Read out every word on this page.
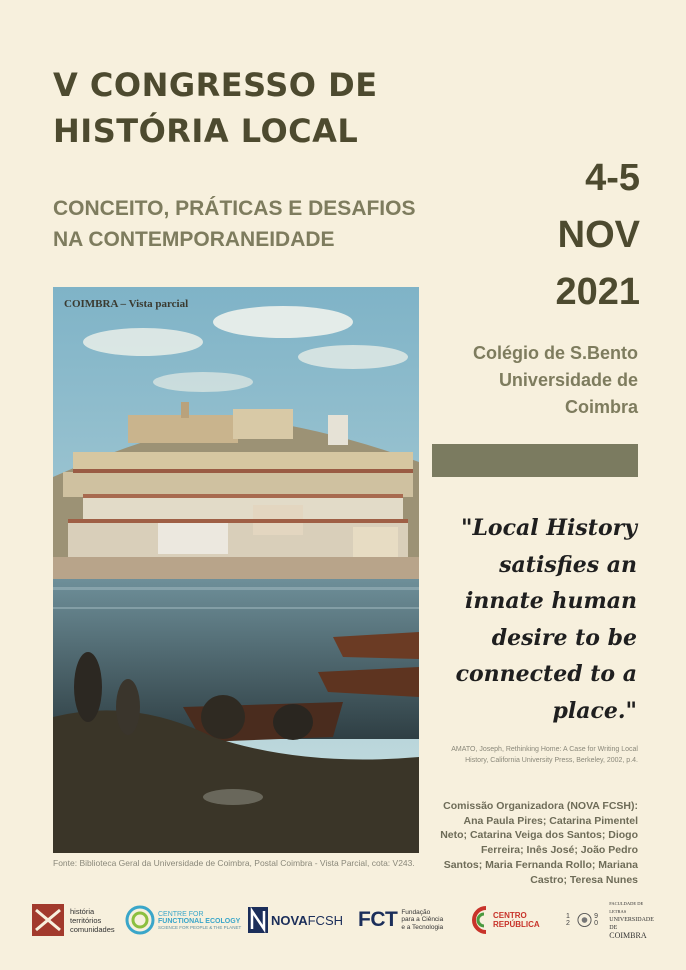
V CONGRESSO DE
HISTÓRIA LOCAL
CONCEITO, PRÁTICAS E DESAFIOS
NA CONTEMPORANEIDADE
4-5
NOV
2021
Colégio de S.Bento
Universidade de
Coimbra
"Local History
satisfies an
innate human
desire to be
connected to a
place."
AMATO, Joseph, Rethinking Home: A Case for Writing Local
History, California University Press, Berkeley, 2002, p.4.
Comissão Organizadora (NOVA FCSH): Ana Paula Pires; Catarina Pimentel Neto; Catarina Veiga dos Santos; Diogo Ferreira; Inês José; João Pedro Santos; Maria Fernanda Rollo; Mariana Castro; Teresa Nunes
COIMBRA – Vista parcial
Fonte: Biblioteca Geral da Universidade de Coimbra, Postal Coimbra - Vista Parcial, cota: V243.
história
territórios
comunidades
CENTRE FOR
FUNCTIONAL ECOLOGY
SCIENCE FOR PEOPLE & THE PLANET NOVAFCSH FCT Fundação
para a Ciência
e a Tecnologia
CENTRO
REPÚBLICA
1 2
9 0
FACULDADE DE LETRAS
UNIVERSIDADE DE
COIMBRA
